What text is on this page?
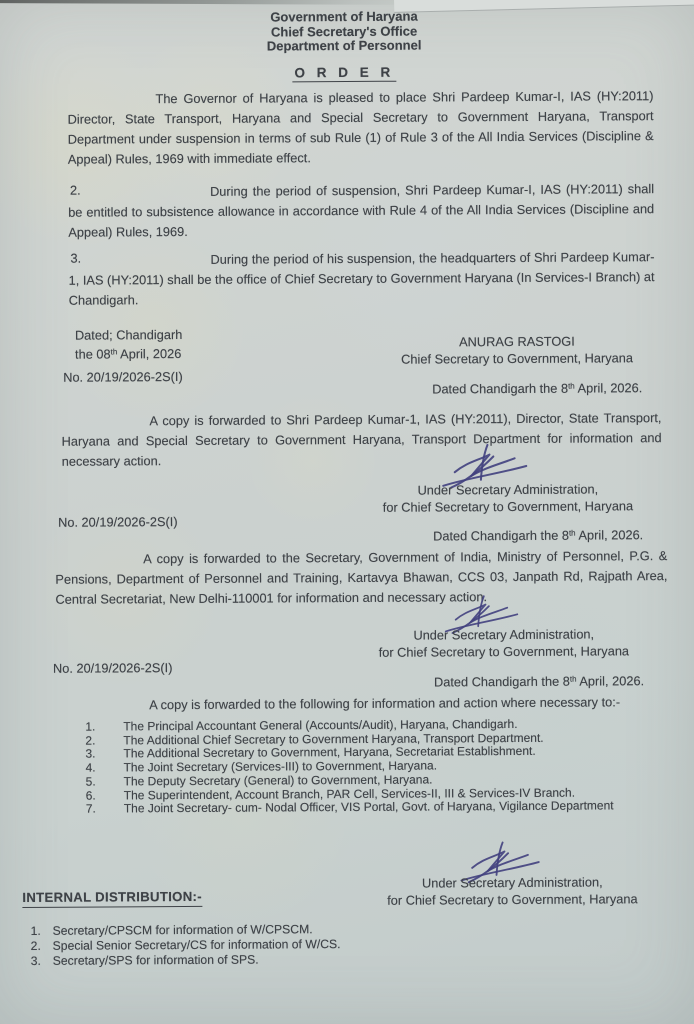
Government of Haryana
Chief Secretary's Office
Department of Personnel
O R D E R
The Governor of Haryana is pleased to place Shri Pardeep Kumar-I, IAS (HY:2011) Director, State Transport, Haryana and Special Secretary to Government Haryana, Transport Department under suspension in terms of sub Rule (1) of Rule 3 of the All India Services (Discipline & Appeal) Rules, 1969 with immediate effect.
2.	During the period of suspension, Shri Pardeep Kumar-I, IAS (HY:2011) shall be entitled to subsistence allowance in accordance with Rule 4 of the All India Services (Discipline and Appeal) Rules, 1969.
3.	During the period of his suspension, the headquarters of Shri Pardeep Kumar-1, IAS (HY:2011) shall be the office of Chief Secretary to Government Haryana (In Services-I Branch) at Chandigarh.
Dated; Chandigarh
the 08th April, 2026
ANURAG RASTOGI
Chief Secretary to Government, Haryana
No. 20/19/2026-2S(I)
Dated Chandigarh the 8th April, 2026.
A copy is forwarded to Shri Pardeep Kumar-1, IAS (HY:2011), Director, State Transport, Haryana and Special Secretary to Government Haryana, Transport Department for information and necessary action.
Under Secretary Administration,
for Chief Secretary to Government, Haryana
No. 20/19/2026-2S(I)
Dated Chandigarh the 8th April, 2026.
A copy is forwarded to the Secretary, Government of India, Ministry of Personnel, P.G. & Pensions, Department of Personnel and Training, Kartavya Bhawan, CCS 03, Janpath Rd, Rajpath Area, Central Secretariat, New Delhi-110001 for information and necessary action.
Under Secretary Administration,
for Chief Secretary to Government, Haryana
No. 20/19/2026-2S(I)
Dated Chandigarh the 8th April, 2026.
A copy is forwarded to the following for information and action where necessary to:-
1. The Principal Accountant General (Accounts/Audit), Haryana, Chandigarh.
2. The Additional Chief Secretary to Government Haryana, Transport Department.
3. The Additional Secretary to Government, Haryana, Secretariat Establishment.
4. The Joint Secretary (Services-III) to Government, Haryana.
5. The Deputy Secretary (General) to Government, Haryana.
6. The Superintendent, Account Branch, PAR Cell, Services-II, III & Services-IV Branch.
7. The Joint Secretary- cum- Nodal Officer, VIS Portal, Govt. of Haryana, Vigilance Department
Under Secretary Administration,
for Chief Secretary to Government, Haryana
INTERNAL DISTRIBUTION:-
1. Secretary/CPSCM for information of W/CPSCM.
2. Special Senior Secretary/CS for information of W/CS.
3. Secretary/SPS for information of SPS.
